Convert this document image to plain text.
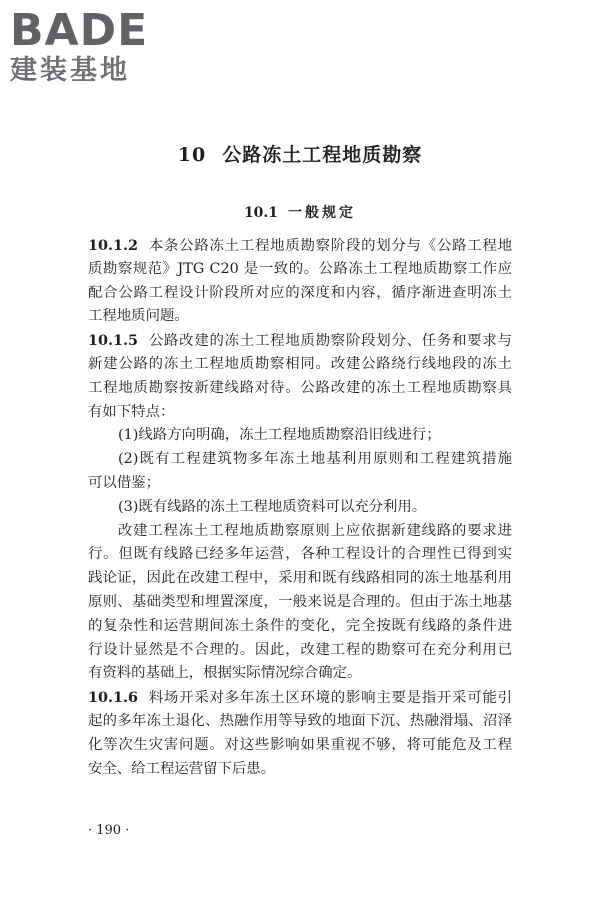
BADE
建装基地
10 公路冻土工程地质勘察
10.1 一般规定
10.1.2 本条公路冻土工程地质勘察阶段的划分与《公路工程地
质勘察规范》JTG C20 是一致的。公路冻土工程地质勘察工作应
配合公路工程设计阶段所对应的深度和内容，循序渐进查明冻土
工程地质问题。
10.1.5 公路改建的冻土工程地质勘察阶段划分、任务和要求与
新建公路的冻土工程地质勘察相同。改建公路绕行线地段的冻土
工程地质勘察按新建线路对待。公路改建的冻土工程地质勘察具
有如下特点：
(1)线路方向明确，冻土工程地质勘察沿旧线进行；
(2)既有工程建筑物多年冻土地基利用原则和工程建筑措施
可以借鉴；
(3)既有线路的冻土工程地质资料可以充分利用。
改建工程冻土工程地质勘察原则上应依据新建线路的要求进
行。但既有线路已经多年运营，各种工程设计的合理性已得到实
践论证，因此在改建工程中，采用和既有线路相同的冻土地基利用
原则、基础类型和埋置深度，一般来说是合理的。但由于冻土地基
的复杂性和运营期间冻土条件的变化，完全按既有线路的条件进
行设计显然是不合理的。因此，改建工程的勘察可在充分利用已
有资料的基础上，根据实际情况综合确定。
10.1.6 料场开采对多年冻土区环境的影响主要是指开采可能引
起的多年冻土退化、热融作用等导致的地面下沉、热融滑塌、沼泽
化等次生灾害问题。对这些影响如果重视不够，将可能危及工程
安全、给工程运营留下后患。
· 190 ·
